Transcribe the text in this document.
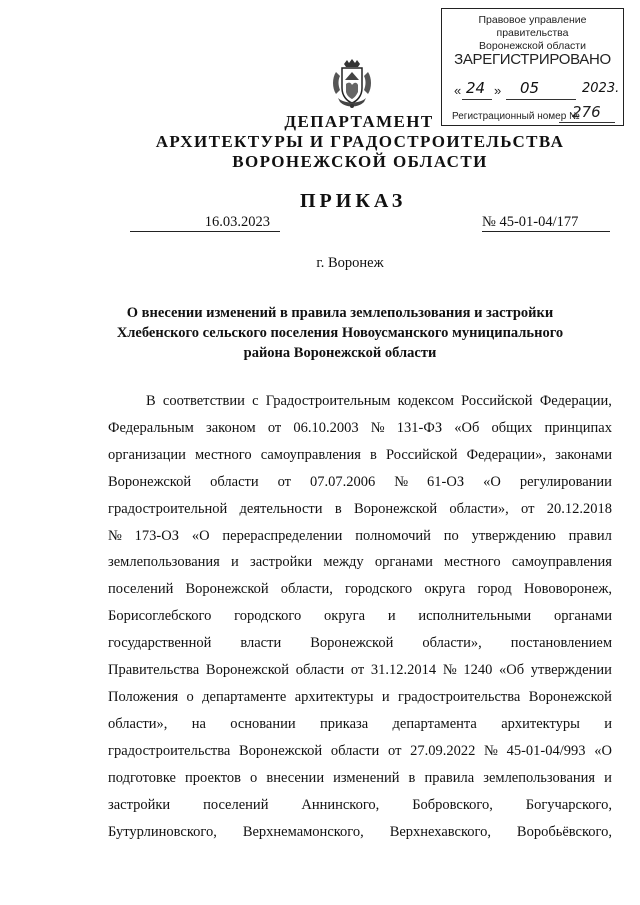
Правовое управление правительства
Воронежской области
ЗАРЕГИСТРИРОВАНО
« 24 » 05	2023.
Регистрационный номер №
276
ДЕПАРТАМЕНТ
АРХИТЕКТУРЫ И ГРАДОСТРОИТЕЛЬСТВА
ВОРОНЕЖСКОЙ ОБЛАСТИ
ПРИКАЗ
16.03.2023	№ 45-01-04/177
г. Воронеж
О внесении изменений в правила землепользования и застройки
Хлебенского сельского поселения Новоусманского муниципального
района Воронежской области
В соответствии с Градостроительным кодексом Российской Федерации,
Федеральным законом от 06.10.2003 № 131-ФЗ «Об общих принципах
организации местного самоуправления в Российской Федерации», законами
Воронежской области от 07.07.2006 № 61-ОЗ «О регулировании
градостроительной деятельности в Воронежской области», от 20.12.2018
№ 173-ОЗ «О перераспределении полномочий по утверждению правил
землепользования и застройки между органами местного самоуправления
поселений Воронежской области, городского округа город Нововоронеж,
Борисоглебского городского округа и исполнительными органами
государственной власти Воронежской области», постановлением
Правительства Воронежской области от 31.12.2014 № 1240 «Об утверждении
Положения о департаменте архитектуры и градостроительства Воронежской
области», на основании приказа департамента архитектуры и
градостроительства Воронежской области от 27.09.2022 № 45-01-04/993 «О
подготовке проектов о внесении изменений в правила землепользования и
застройки поселений Аннинского, Бобровского, Богучарского,
Бутурлиновского, Верхнемамонского, Верхнехавского, Воробьёвского,
